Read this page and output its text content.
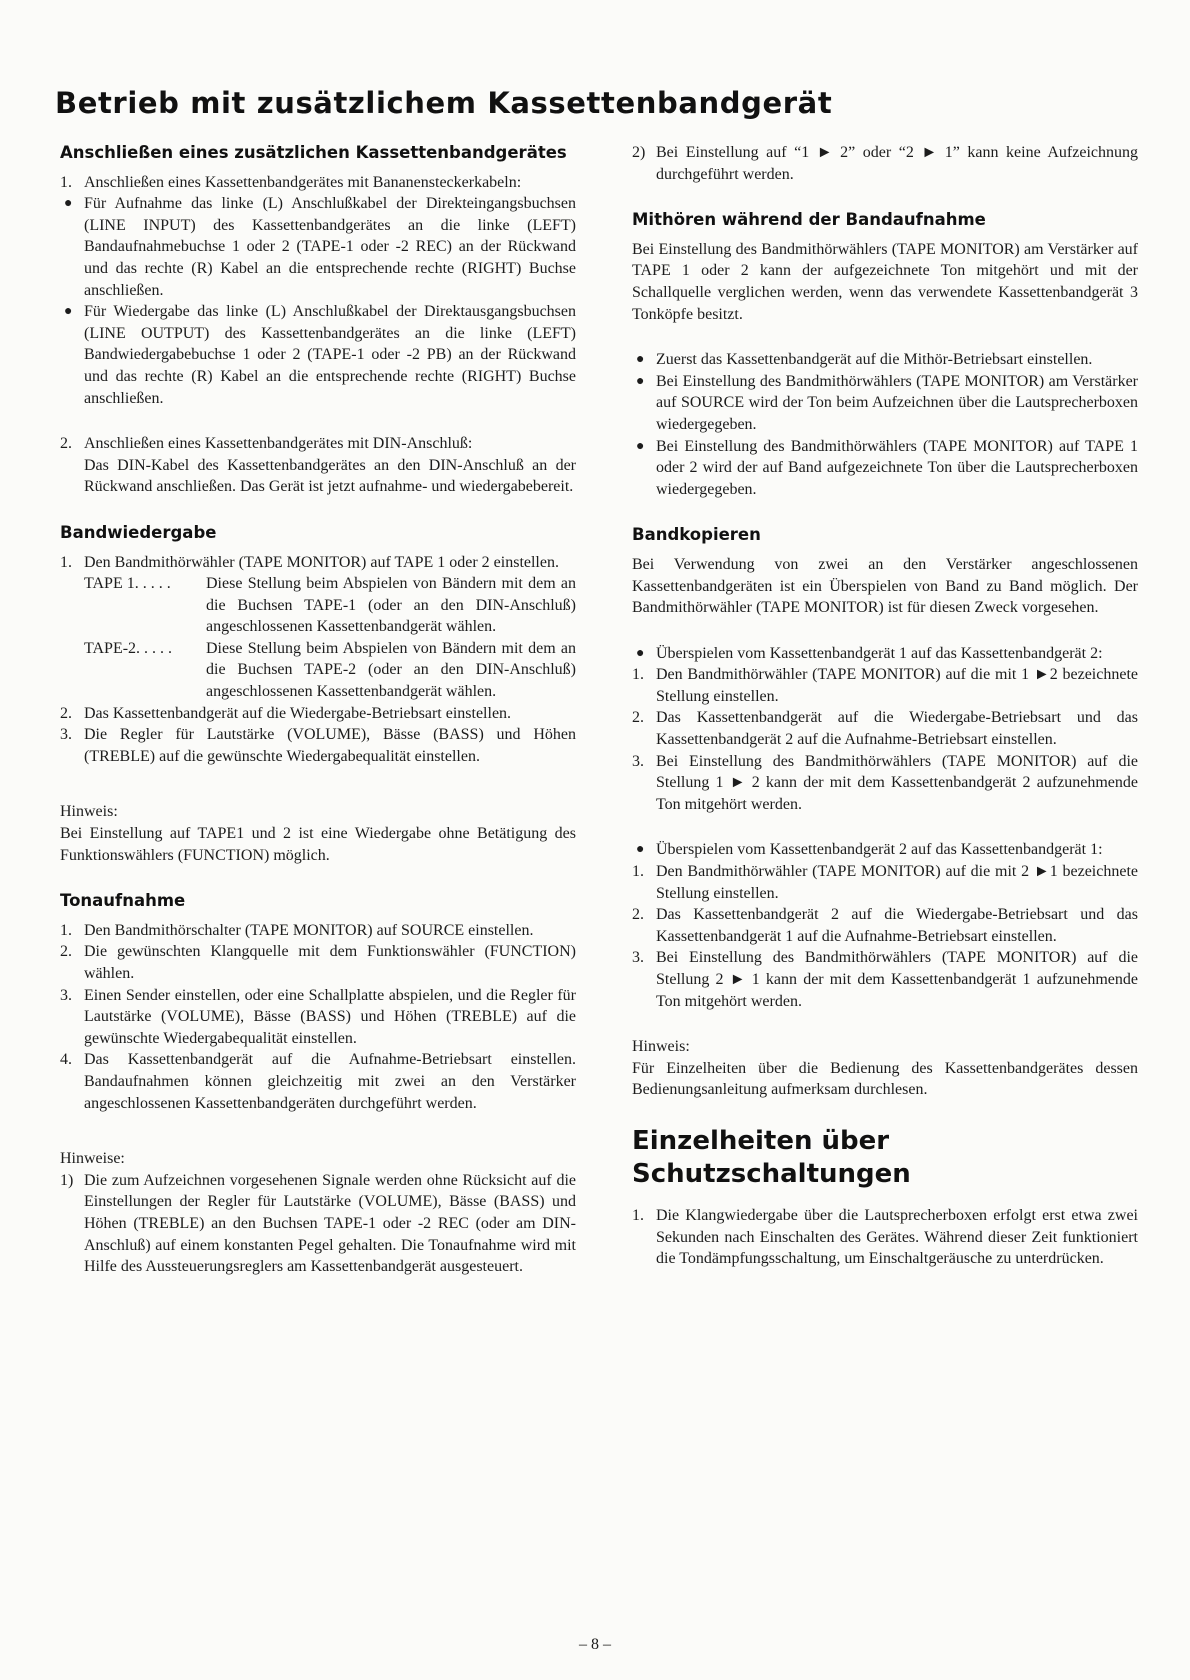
Betrieb mit zusätzlichem Kassettenbandgerät
Anschließen eines zusätzlichen Kassettenbandgerätes
1. Anschließen eines Kassettenbandgerätes mit Bananensteckerkabeln:
● Für Aufnahme das linke (L) Anschlußkabel der Direkteingangsbuchsen (LINE INPUT) des Kassettenbandgerätes an die linke (LEFT) Bandaufnahmebuchse 1 oder 2 (TAPE-1 oder -2 REC) an der Rückwand und das rechte (R) Kabel an die entsprechende rechte (RIGHT) Buchse anschließen.
● Für Wiedergabe das linke (L) Anschlußkabel der Direktausgangsbuchsen (LINE OUTPUT) des Kassettenbandgerätes an die linke (LEFT) Bandwiedergabebuchse 1 oder 2 (TAPE-1 oder -2 PB) an der Rückwand und das rechte (R) Kabel an die entsprechende rechte (RIGHT) Buchse anschließen.
2. Anschließen eines Kassettenbandgerätes mit DIN-Anschluß:

Das DIN-Kabel des Kassettenbandgerätes an den DIN-Anschluß an der Rückwand anschließen. Das Gerät ist jetzt aufnahme- und wiedergabebereit.

Bandwiedergabe
1. Den Bandmithörwähler (TAPE MONITOR) auf TAPE 1 oder 2 einstellen.
TAPE 1. . . . .	Diese Stellung beim Abspielen von Bändern mit dem an die Buchsen TAPE-1 (oder an den DIN-Anschluß) angeschlossenen Kassettenbandgerät wählen.
TAPE-2. . . . .	Diese Stellung beim Abspielen von Bändern mit dem an die Buchsen TAPE-2 (oder an den DIN-Anschluß) angeschlossenen Kassettenbandgerät wählen.
2. Das Kassettenbandgerät auf die Wiedergabe-Betriebsart einstellen.
3. Die Regler für Lautstärke (VOLUME), Bässe (BASS) und Höhen (TREBLE) auf die gewünschte Wiedergabequalität einstellen.

Hinweis:

Bei Einstellung auf TAPE1 und 2 ist eine Wiedergabe ohne Betätigung des Funktionswählers (FUNCTION) möglich.

Tonaufnahme
1. Den Bandmithörschalter (TAPE MONITOR) auf SOURCE einstellen.
2. Die gewünschten Klangquelle mit dem Funktionswähler (FUNCTION) wählen.
3. Einen Sender einstellen, oder eine Schallplatte abspielen, und die Regler für Lautstärke (VOLUME), Bässe (BASS) und Höhen (TREBLE) auf die gewünschte Wiedergabequalität einstellen.
4. Das Kassettenbandgerät auf die Aufnahme-Betriebsart einstellen. Bandaufnahmen können gleichzeitig mit zwei an den Verstärker angeschlossenen Kassettenbandgeräten durchgeführt werden.

Hinweise:

1) Die zum Aufzeichnen vorgesehenen Signale werden ohne Rücksicht auf die Einstellungen der Regler für Lautstärke (VOLUME), Bässe (BASS) und Höhen (TREBLE) an den Buchsen TAPE-1 oder -2 REC (oder am DIN-Anschluß) auf einem konstanten Pegel gehalten. Die Tonaufnahme wird mit Hilfe des Aussteuerungsreglers am Kassettenbandgerät ausgesteuert.
2) Bei Einstellung auf “1 ► 2” oder “2 ► 1” kann keine Aufzeichnung durchgeführt werden.
Mithören während der Bandaufnahme

Bei Einstellung des Bandmithörwählers (TAPE MONITOR) am Verstärker auf TAPE 1 oder 2 kann der aufgezeichnete Ton mitgehört und mit der Schallquelle verglichen werden, wenn das verwendete Kassettenbandgerät 3 Tonköpfe besitzt.

● Zuerst das Kassettenbandgerät auf die Mithör-Betriebsart einstellen.
● Bei Einstellung des Bandmithörwählers (TAPE MONITOR) am Verstärker auf SOURCE wird der Ton beim Aufzeichnen über die Lautsprecherboxen wiedergegeben.
● Bei Einstellung des Bandmithörwählers (TAPE MONITOR) auf TAPE 1 oder 2 wird der auf Band aufgezeichnete Ton über die Lautsprecherboxen wiedergegeben.
Bandkopieren

Bei Verwendung von zwei an den Verstärker angeschlossenen Kassettenbandgeräten ist ein Überspielen von Band zu Band möglich. Der Bandmithörwähler (TAPE MONITOR) ist für diesen Zweck vorgesehen.

● Überspielen vom Kassettenbandgerät 1 auf das Kassettenbandgerät 2:
1. Den Bandmithörwähler (TAPE MONITOR) auf die mit 1 ►2 bezeichnete Stellung einstellen.
2. Das Kassettenbandgerät auf die Wiedergabe-Betriebsart und das Kassettenbandgerät 2 auf die Aufnahme-Betriebsart einstellen.
3. Bei Einstellung des Bandmithörwählers (TAPE MONITOR) auf die Stellung 1 ► 2 kann der mit dem Kassettenbandgerät 2 aufzunehmende Ton mitgehört werden.
● Überspielen vom Kassettenbandgerät 2 auf das Kassettenbandgerät 1:
1. Den Bandmithörwähler (TAPE MONITOR) auf die mit 2 ►1 bezeichnete Stellung einstellen.
2. Das Kassettenbandgerät 2 auf die Wiedergabe-Betriebsart und das Kassettenbandgerät 1 auf die Aufnahme-Betriebsart einstellen.
3. Bei Einstellung des Bandmithörwählers (TAPE MONITOR) auf die Stellung 2 ► 1 kann der mit dem Kassettenbandgerät 1 aufzunehmende Ton mitgehört werden.

Hinweis:

Für Einzelheiten über die Bedienung des Kassettenbandgerätes dessen Bedienungsanleitung aufmerksam durchlesen.

Einzelheiten über
Schutzschaltungen
1. Die Klangwiedergabe über die Lautsprecherboxen erfolgt erst etwa zwei Sekunden nach Einschalten des Gerätes. Während dieser Zeit funktioniert die Tondämpfungsschaltung, um Einschaltgeräusche zu unterdrücken.
– 8 –
